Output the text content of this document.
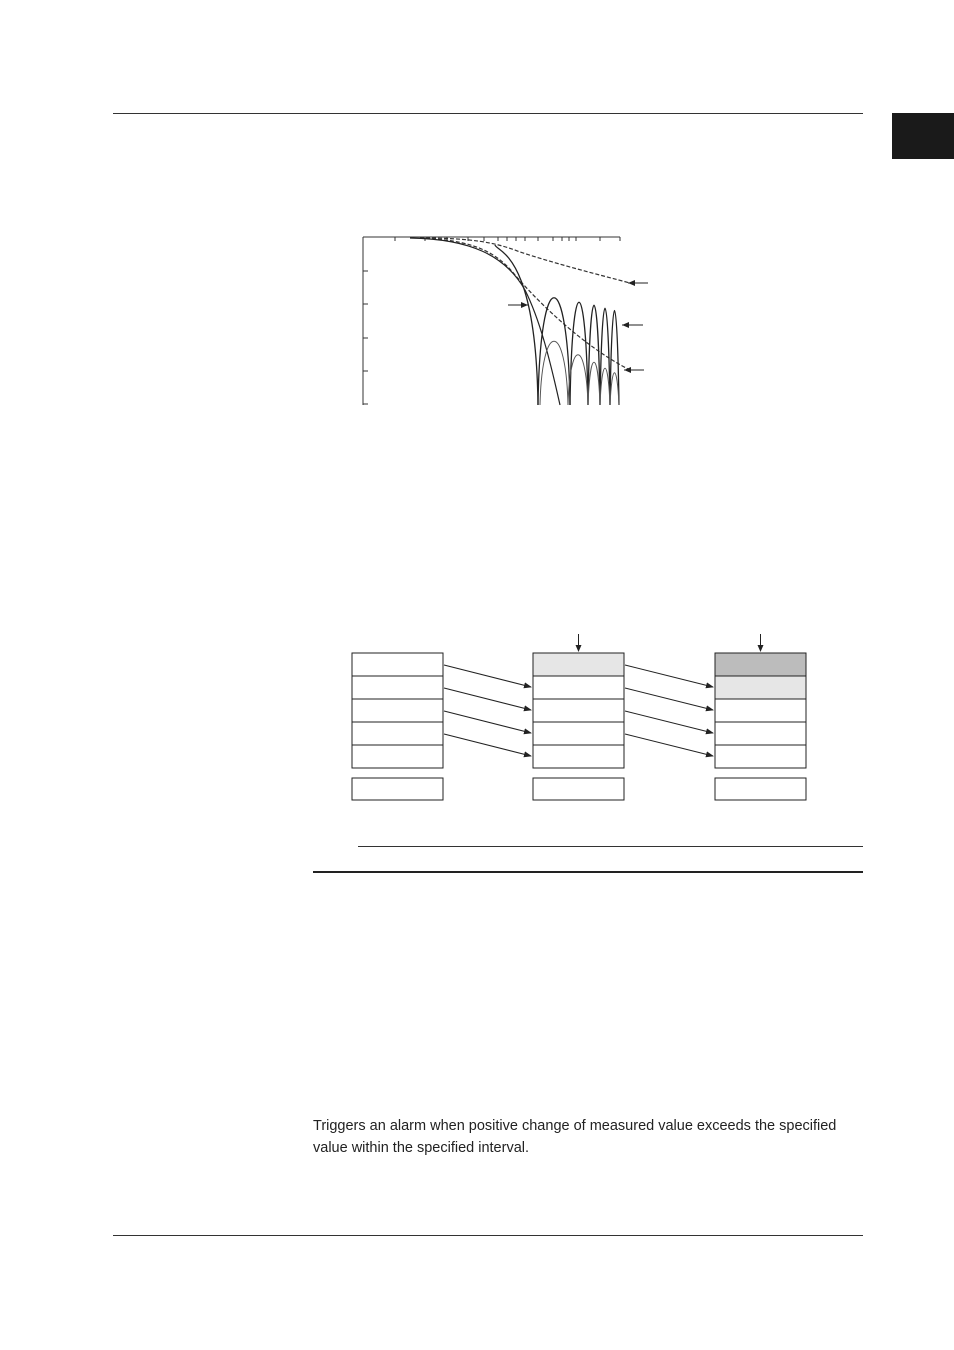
Triggers an alarm when positive change of measured value exceeds the specified value within the specified interval.
